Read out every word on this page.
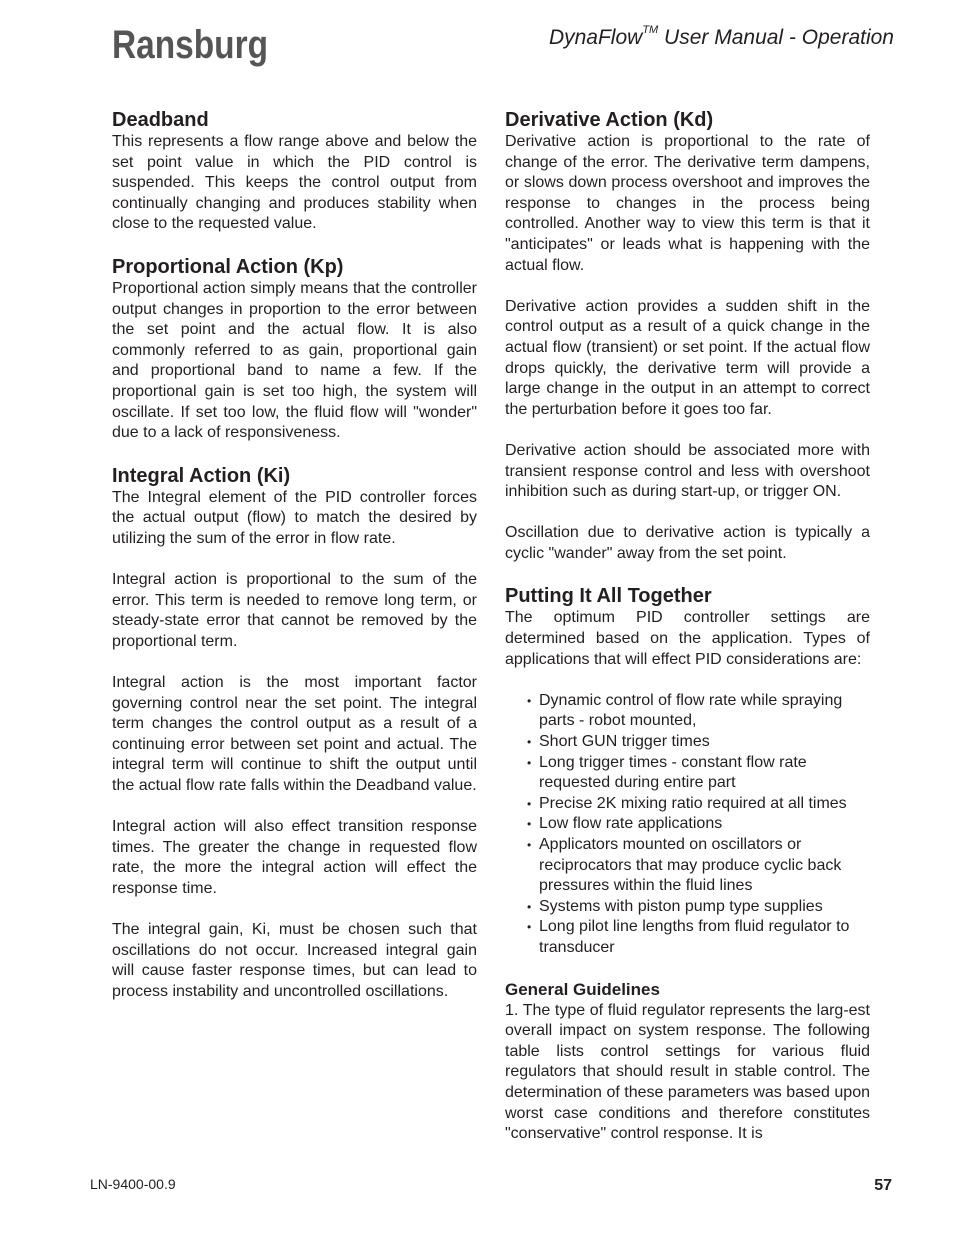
Ransburg	DynaFlow™ User Manual - Operation
Deadband

This represents a flow range above and below the set point value in which the PID control is suspended. This keeps the control output from continually changing and produces stability when close to the requested value.

Proportional Action (Kp)

Proportional action simply means that the controller output changes in proportion to the error between the set point and the actual flow. It is also commonly referred to as gain, proportional gain and proportional band to name a few. If the proportional gain is set too high, the system will oscillate. If set too low, the fluid flow will "wonder" due to a lack of responsiveness.

Integral Action (Ki)

The Integral element of the PID controller forces the actual output (flow) to match the desired by utilizing the sum of the error in flow rate.

Integral action is proportional to the sum of the error. This term is needed to remove long term, or steady-state error that cannot be removed by the proportional term.

Integral action is the most important factor governing control near the set point. The integral term changes the control output as a result of a continuing error between set point and actual. The integral term will continue to shift the output until the actual flow rate falls within the Deadband value.

Integral action will also effect transition response times. The greater the change in requested flow rate, the more the integral action will effect the response time.

The integral gain, Ki, must be chosen such that oscillations do not occur. Increased integral gain will cause faster response times, but can lead to process instability and uncontrolled oscillations.

Derivative Action (Kd)

Derivative action is proportional to the rate of change of the error. The derivative term dampens, or slows down process overshoot and improves the response to changes in the process being controlled. Another way to view this term is that it "anticipates" or leads what is happening with the actual flow.

Derivative action provides a sudden shift in the control output as a result of a quick change in the actual flow (transient) or set point. If the actual flow drops quickly, the derivative term will provide a large change in the output in an attempt to correct the perturbation before it goes too far.

Derivative action should be associated more with transient response control and less with overshoot inhibition such as during start-up, or trigger ON.

Oscillation due to derivative action is typically a cyclic "wander" away from the set point.

Putting It All Together

The optimum PID controller settings are determined based on the application. Types of applications that will effect PID considerations are:

• Dynamic control of flow rate while spraying parts - robot mounted,
• Short GUN trigger times
• Long trigger times - constant flow rate requested during entire part
• Precise 2K mixing ratio required at all times
• Low flow rate applications
• Applicators mounted on oscillators or reciprocators that may produce cyclic back pressures within the fluid lines
• Systems with piston pump type supplies
• Long pilot line lengths from fluid regulator to transducer
General Guidelines

1. The type of fluid regulator represents the larg-est overall impact on system response. The following table lists control settings for various fluid regulators that should result in stable control. The determination of these parameters was based upon worst case conditions and therefore constitutes "conservative" control response. It is

LN-9400-00.9	57
